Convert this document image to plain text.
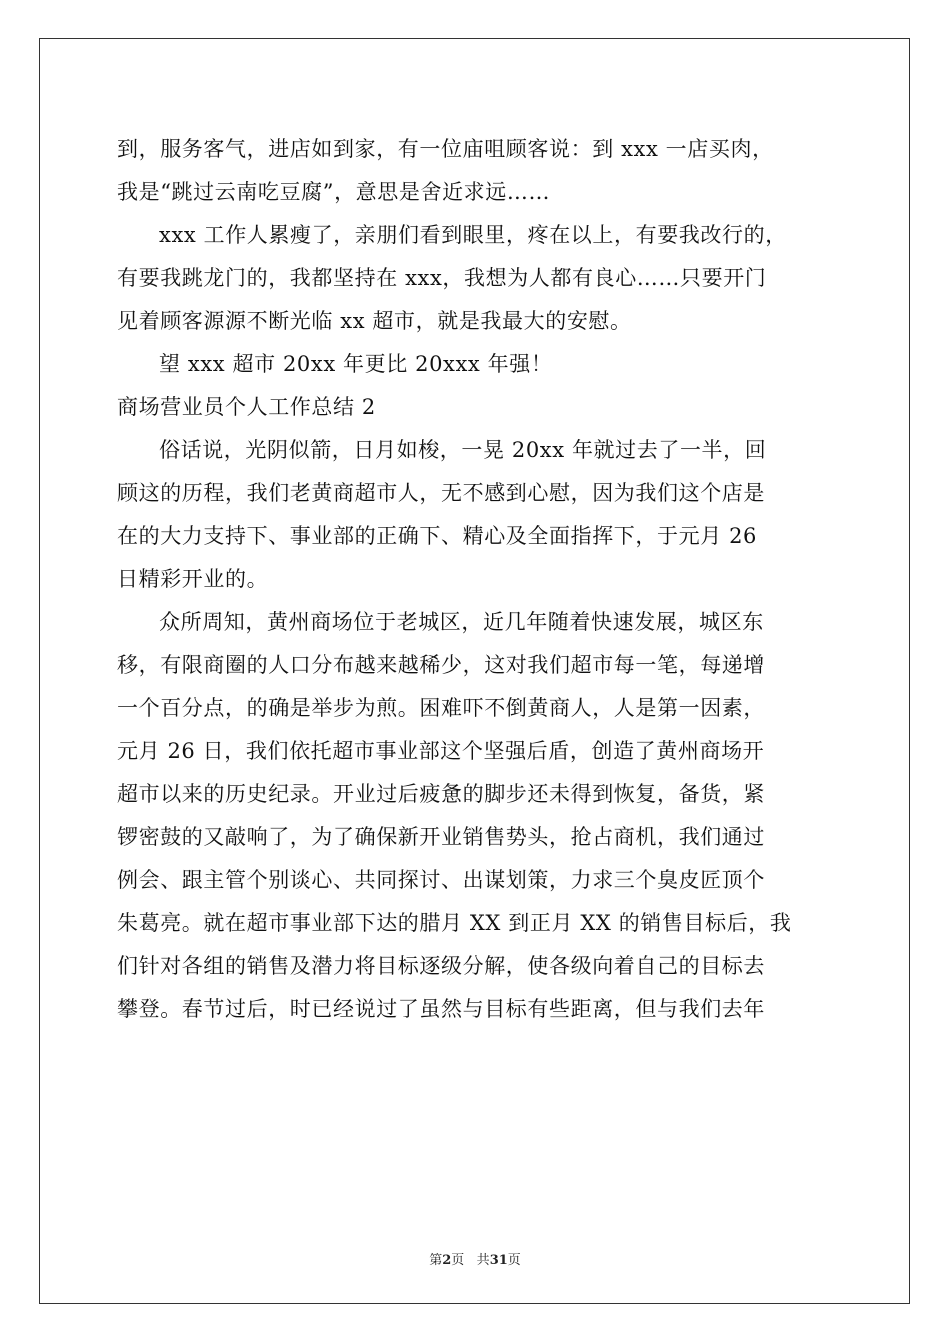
到，服务客气，进店如到家，有一位庙咀顾客说：到 xxx 一店买肉，
我是“跳过云南吃豆腐”，意思是舍近求远……
xxx 工作人累瘦了，亲朋们看到眼里，疼在以上，有要我改行的，
有要我跳龙门的，我都坚持在 xxx，我想为人都有良心……只要开门
见着顾客源源不断光临 xx 超市，就是我最大的安慰。
望 xxx 超市 20xx 年更比 20xxx 年强！
商场营业员个人工作总结 2
俗话说，光阴似箭，日月如梭，一晃 20xx 年就过去了一半，回
顾这的历程，我们老黄商超市人，无不感到心慰，因为我们这个店是
在的大力支持下、事业部的正确下、精心及全面指挥下，于元月 26
日精彩开业的。
众所周知，黄州商场位于老城区，近几年随着快速发展，城区东
移，有限商圈的人口分布越来越稀少，这对我们超市每一笔，每递增
一个百分点，的确是举步为煎。困难吓不倒黄商人，人是第一因素，
元月 26 日，我们依托超市事业部这个坚强后盾，创造了黄州商场开
超市以来的历史纪录。开业过后疲惫的脚步还未得到恢复，备货，紧
锣密鼓的又敲响了，为了确保新开业销售势头，抢占商机，我们通过
例会、跟主管个别谈心、共同探讨、出谋划策，力求三个臭皮匠顶个
朱葛亮。就在超市事业部下达的腊月 XX 到正月 XX 的销售目标后，我
们针对各组的销售及潜力将目标逐级分解，使各级向着自己的目标去
攀登。春节过后，时已经说过了虽然与目标有些距离，但与我们去年
第2页 共31页
